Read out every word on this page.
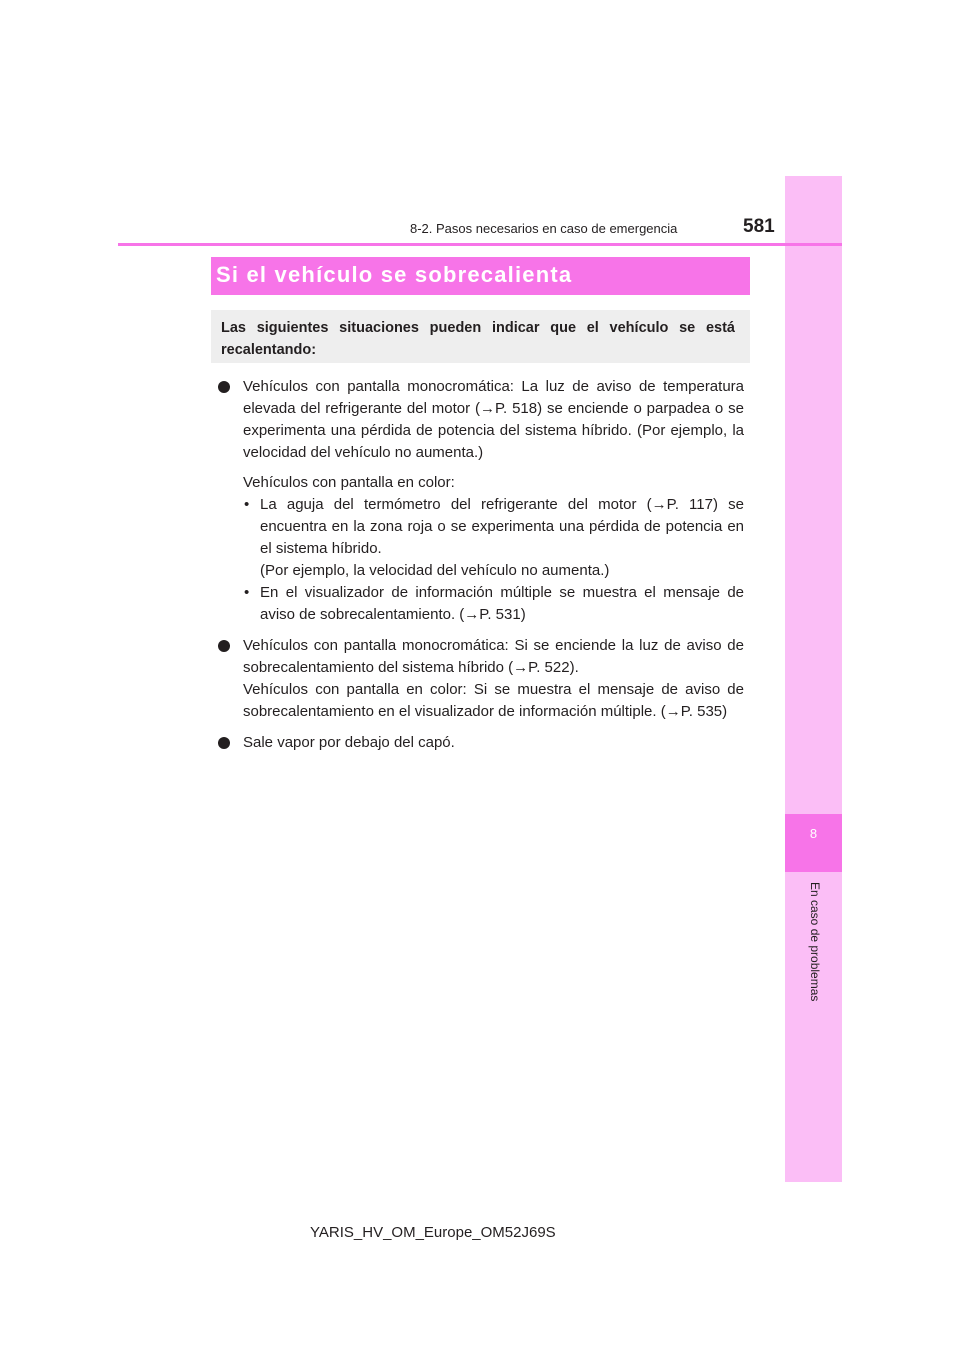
8
En caso de problemas
8-2. Pasos necesarios en caso de emergencia	581
Si el vehículo se sobrecalienta
Las siguientes situaciones pueden indicar que el vehículo se está recalentando:

Vehículos con pantalla monocromática: La luz de aviso de temperatura elevada del refrigerante del motor (→P. 518) se enciende o parpadea o se experimenta una pérdida de potencia del sistema híbrido. (Por ejemplo, la velocidad del vehículo no aumenta.)

Vehículos con pantalla en color:

• La aguja del termómetro del refrigerante del motor (→P. 117) se encuentra en la zona roja o se experimenta una pérdida de potencia en el sistema híbrido.
(Por ejemplo, la velocidad del vehículo no aumenta.)
• En el visualizador de información múltiple se muestra el mensaje de aviso de sobrecalentamiento. (→P. 531)

Vehículos con pantalla monocromática: Si se enciende la luz de aviso de sobrecalentamiento del sistema híbrido (→P. 522).

Vehículos con pantalla en color: Si se muestra el mensaje de aviso de sobrecalentamiento en el visualizador de información múltiple. (→P. 535)

Sale vapor por debajo del capó.

YARIS_HV_OM_Europe_OM52J69S
